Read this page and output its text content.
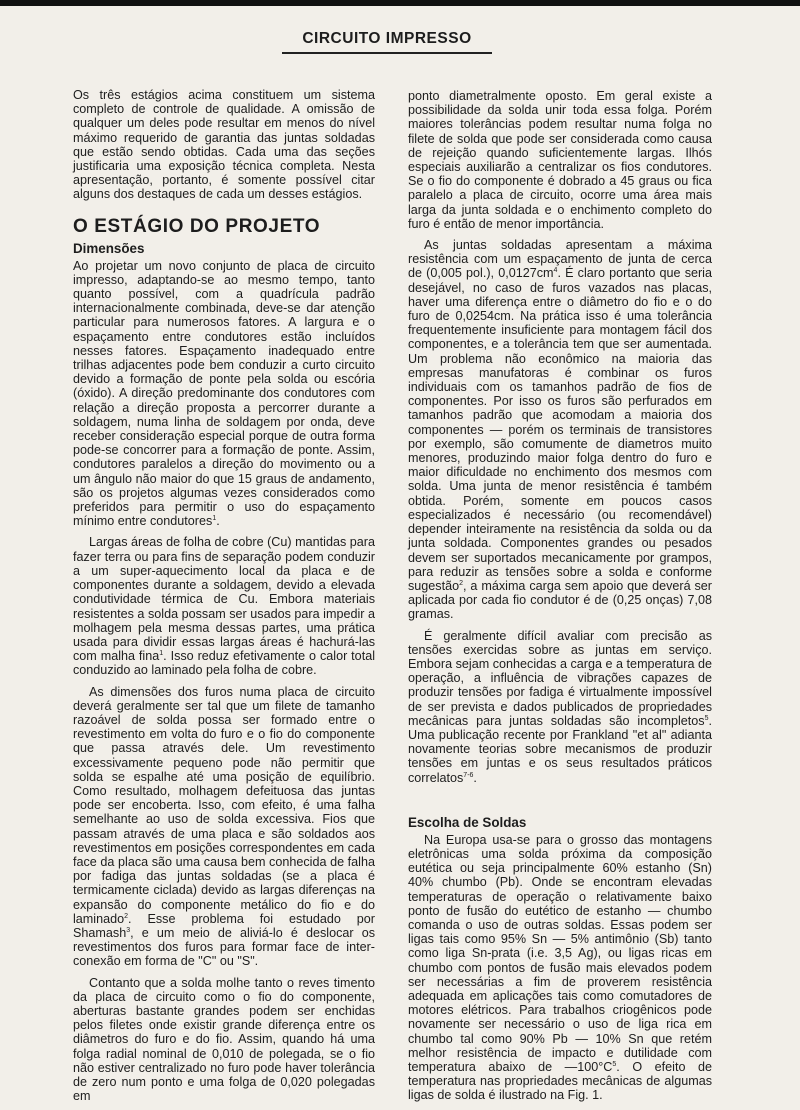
CIRCUITO IMPRESSO

Os três estágios acima constituem um sistema completo de controle de qualidade. A omissão de qualquer um deles pode resultar em menos do nível máximo requerido de garantia das juntas soldadas que estão sendo obtidas. Cada uma das seções justificaria uma exposição técnica completa. Nesta apresentação, portanto, é somente possível citar alguns dos destaques de cada um desses estágios.

O ESTÁGIO DO PROJETO
Dimensões

Ao projetar um novo conjunto de placa de circuito impresso, adaptando-se ao mesmo tempo, tanto quanto possível, com a quadrícula padrão internacionalmente combinada, deve-se dar atenção particular para numerosos fatores. A largura e o espaçamento entre condutores estão incluídos nesses fatores. Espaçamento inadequado entre trilhas adjacentes pode bem conduzir a curto circuito devido a formação de ponte pela solda ou escória (óxido). A direção predominante dos condutores com relação a direção proposta a percorrer durante a soldagem, numa linha de soldagem por onda, deve receber consideração especial porque de outra forma pode-se concorrer para a formação de ponte. Assim, condutores paralelos a direção do movimento ou a um ângulo não maior do que 15 graus de andamento, são os projetos algumas vezes considerados como preferidos para permitir o uso do espaçamento mínimo entre condutores$^1$.

Largas áreas de folha de cobre (Cu) mantidas para fazer terra ou para fins de separação podem conduzir a um super-aquecimento local da placa e de componentes durante a soldagem, devido a elevada condutividade térmica de Cu. Embora materiais resistentes a solda possam ser usados para impedir a molhagem pela mesma dessas partes, uma prática usada para dividir essas largas áreas é hachurá-las com malha fina$^1$. Isso reduz efetivamente o calor total conduzido ao laminado pela folha de cobre.

As dimensões dos furos numa placa de circuito deverá geralmente ser tal que um filete de tamanho razoável de solda possa ser formado entre o revestimento em volta do furo e o fio do componente que passa através dele. Um revestimento excessivamente pequeno pode não permitir que solda se espalhe até uma posição de equilíbrio. Como resultado, molhagem defeituosa das juntas pode ser encoberta. Isso, com efeito, é uma falha semelhante ao uso de solda excessiva. Fios que passam através de uma placa e são soldados aos revestimentos em posições correspondentes em cada face da placa são uma causa bem conhecida de falha por fadiga das juntas soldadas (se a placa é termicamente ciclada) devido as largas diferenças na expansão do componente metálico do fio e do laminado$^2$. Esse problema foi estudado por Shamash$^3$, e um meio de aliviá-lo é deslocar os revestimentos dos furos para formar face de inter-conexão em forma de "C" ou "S".

Contanto que a solda molhe tanto o reves timento da placa de circuito como o fio do componente, aberturas bastante grandes podem ser enchidas pelos filetes onde existir grande diferença entre os diâmetros do furo e do fio. Assim, quando há uma folga radial nominal de 0,010 de polegada, se o fio não estiver centralizado no furo pode haver tolerância de zero num ponto e uma folga de 0,020 polegadas em

ponto diametralmente oposto. Em geral existe a possibilidade da solda unir toda essa folga. Porém maiores tolerâncias podem resultar numa folga no filete de solda que pode ser considerada como causa de rejeição quando suficientemente largas. Ilhós especiais auxiliarão a centralizar os fios condutores. Se o fio do componente é dobrado a 45 graus ou fica paralelo a placa de circuito, ocorre uma área mais larga da junta soldada e o enchimento completo do furo é então de menor importância.

As juntas soldadas apresentam a máxima resistência com um espaçamento de junta de cerca de (0,005 pol.), $0,0127cm^4$. É claro portanto que seria desejável, no caso de furos vazados nas placas, haver uma diferença entre o diâmetro do fio e o do furo de 0,0254cm. Na prática isso é uma tolerância frequentemente insuficiente para montagem fácil dos componentes, e a tolerância tem que ser aumentada. Um problema não econômico na maioria das empresas manufatoras é combinar os furos individuais com os tamanhos padrão de fios de componentes. Por isso os furos são perfurados em tamanhos padrão que acomodam a maioria dos componentes — porém os terminais de transistores por exemplo, são comumente de diametros muito menores, produzindo maior folga dentro do furo e maior dificuldade no enchimento dos mesmos com solda. Uma junta de menor resistência é também obtida. Porém, somente em poucos casos especializados é necessário (ou recomendável) depender inteiramente na resistência da solda ou da junta soldada. Componentes grandes ou pesados devem ser suportados mecanicamente por grampos, para reduzir as tensões sobre a solda e conforme sugestão$^2$, a máxima carga sem apoio que deverá ser aplicada por cada fio condutor é de (0,25 onças) 7,08 gramas.

É geralmente difícil avaliar com precisão as tensões exercidas sobre as juntas em serviço. Embora sejam conhecidas a carga e a temperatura de operação, a influência de vibrações capazes de produzir tensões por fadiga é virtualmente impossível de ser prevista e dados publicados de propriedades mecânicas para juntas soldadas são incompletos$^5$. Uma publicação recente por Frankland "et al" adianta novamente teorias sobre mecanismos de produzir tensões em juntas e os seus resultados práticos correlatos$^{7-6}$.

Escolha de Soldas

Na Europa usa-se para o grosso das montagens eletrônicas uma solda próxima da composição eutética ou seja principalmente 60% estanho (Sn) 40% chumbo (Pb). Onde se encontram elevadas temperaturas de operação o relativamente baixo ponto de fusão do eutético de estanho — chumbo comanda o uso de outras soldas. Essas podem ser ligas tais como 95% Sn — 5% antimônio (Sb) tanto como liga Sn-prata (i.e. 3,5 Ag), ou ligas ricas em chumbo com pontos de fusão mais elevados podem ser necessárias a fim de proverem resistência adequada em aplicações tais como comutadores de motores elétricos. Para trabalhos criogênicos pode novamente ser necessário o uso de liga rica em chumbo tal como 90% Pb — 10% Sn que retém melhor resistência de impacto e dutilidade com temperatura abaixo de $—100^\circ C^5$. O efeito de temperatura nas propriedades mecânicas de algumas ligas de solda é ilustrado na Fig. 1.
